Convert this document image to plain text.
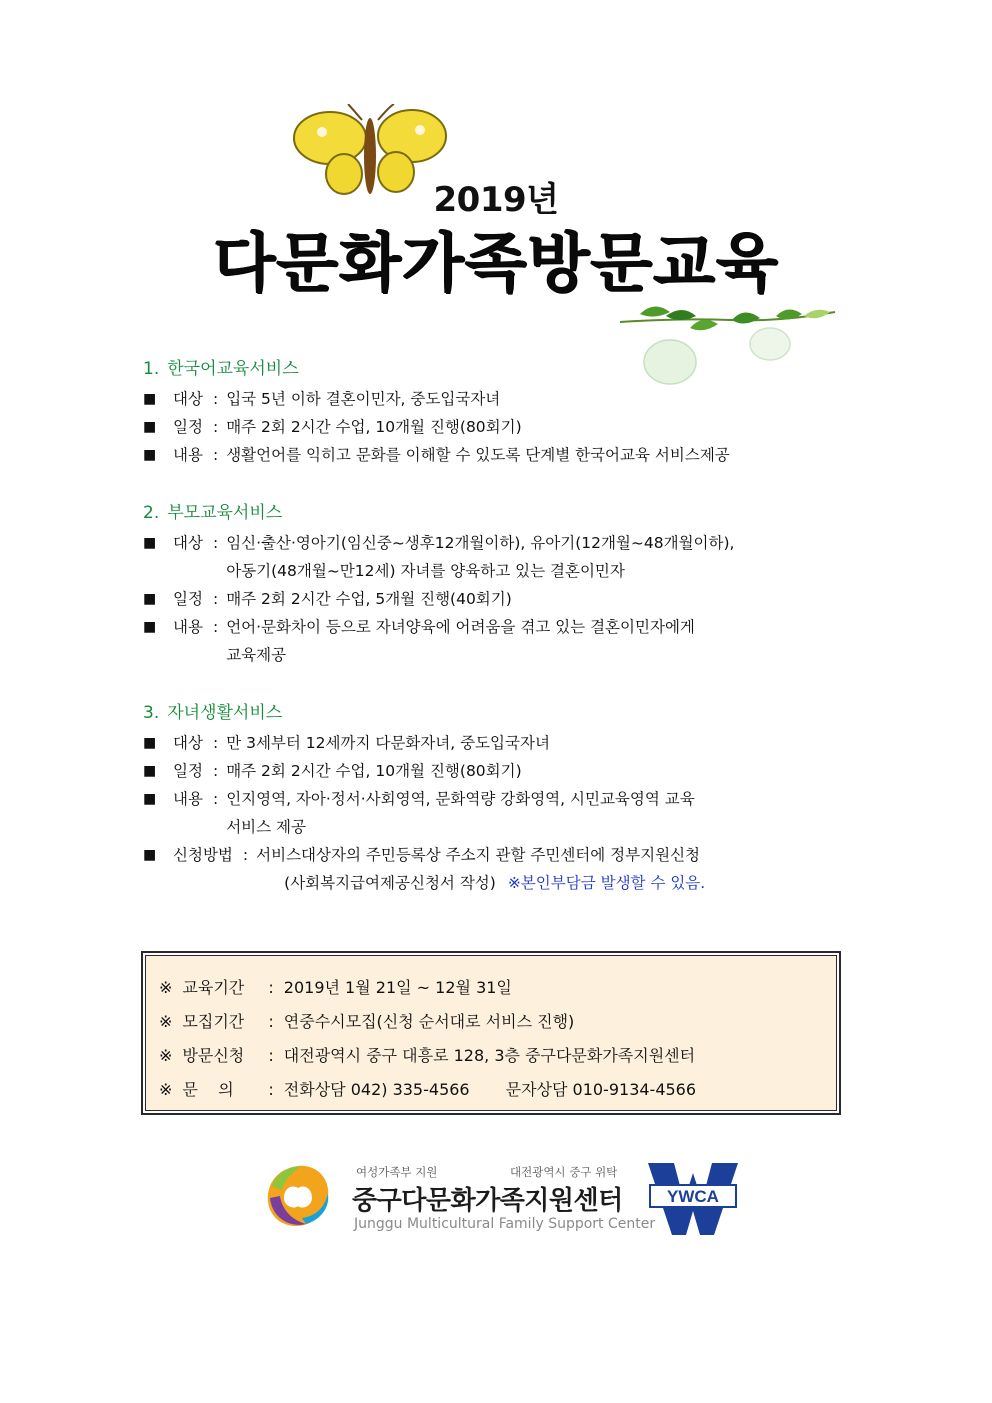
2019년
다문화가족방문교육
1. 한국어교육서비스
■	대상 : 입국 5년 이하 결혼이민자, 중도입국자녀
■	일정 : 매주 2회 2시간 수업, 10개월 진행(80회기)
■	내용 : 생활언어를 익히고 문화를 이해할 수 있도록 단계별 한국어교육 서비스제공
2. 부모교육서비스
■	대상 : 임신·출산·영아기(임신중~생후12개월이하), 유아기(12개월~48개월이하),
아동기(48개월~만12세) 자녀를 양육하고 있는 결혼이민자
■	일정 : 매주 2회 2시간 수업, 5개월 진행(40회기)
■	내용 : 언어·문화차이 등으로 자녀양육에 어려움을 겪고 있는 결혼이민자에게
교육제공
3. 자녀생활서비스
■	대상 : 만 3세부터 12세까지 다문화자녀, 중도입국자녀
■	일정 : 매주 2회 2시간 수업, 10개월 진행(80회기)
■	내용 : 인지영역, 자아·정서·사회영역, 문화역량 강화영역, 시민교육영역 교육
서비스 제공
■	신청방법 : 서비스대상자의 주민등록상 주소지 관할 주민센터에 정부지원신청
(사회복지급여제공신청서 작성) ※본인부담금 발생할 수 있음.
※ 교육기간 : 2019년 1월 21일 ~ 12월 31일
※ 모집기간 : 연중수시모집(신청 순서대로 서비스 진행)
※ 방문신청 : 대전광역시 중구 대흥로 128, 3층 중구다문화가족지원센터
※ 문    의 : 전화상담 042) 335-4566 문자상담 010-9134-4566
여성가족부 지원	대전광역시 중구 위탁
중구다문화가족지원센터
Junggu Multicultural Family Support Center
YWCA
